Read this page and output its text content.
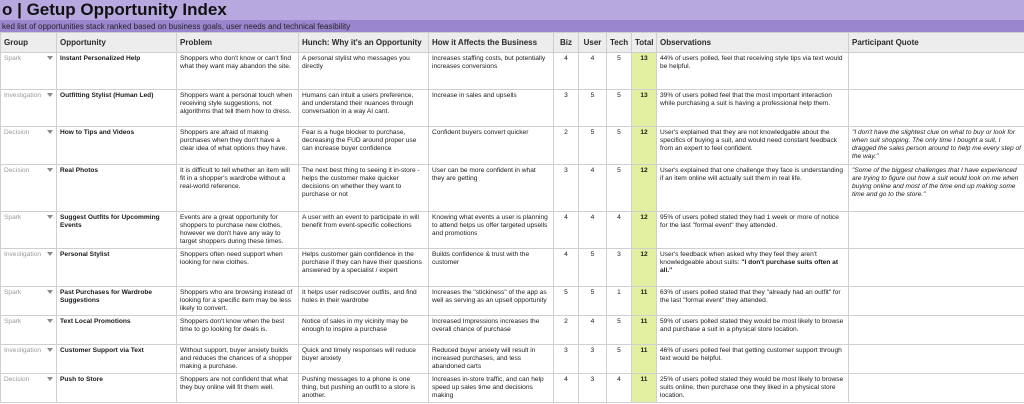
o | Getup Opportunity Index
ked list of opportunities stack ranked based on business goals, user needs and technical feasibility
Group	Opportunity	Problem	Hunch: Why it's an Opportunity	How it Affects the Business	Biz	User	Tech	Total	Observations	Participant Quote
Spark	Instant Personalized Help	Shoppers who don't know or can't find what they want may abandon the site.	A personal stylist who messages you directly	Increases staffing costs, but potentially increases conversions	4	4	5	13	44% of users polled, feel that receiving style tips via text would be helpful.	
Investigation	Outfitting Stylist (Human Led)	Shoppers want a personal touch when receiving style suggestions, not algorithms that tell them how to dress.	Humans can intuit a users preference, and understand their nuances through conversation in a way AI cant.	Increase in sales and upsells	3	5	5	13	39% of users polled feel that the most important interaction while purchasing a suit is having a professional help them.	
Decision	How to Tips and Videos	Shoppers are afraid of making purchases when they don't have a clear idea of what options they have.	Fear is a huge blocker to purchase, decreasing the FUD around proper use can increase buyer confidence	Confident buyers convert quicker	2	5	5	12	User's explained that they are not knowledgable about the specifics of buying a suit, and would need constant feedback from an expert to feel confident.	"I don't have the slightest clue on what to buy or look for when suit shopping. The only time I bought a suit, I dragged the sales person around to help me every step of the way."
Decision	Real Photos	It is difficult to tell whether an item will fit in a shopper's wardrobe without a real-world reference.	The next best thing to seeing it in-store - helps the customer make quicker decisions on whether they want to purchase or not	User can be more confident in what they are getting	3	4	5	12	User's explained that one challenge they face is understanding if an item online will actually suit them in real life.	"Some of the biggest challenges that I have experienced are trying to figure out how a suit would look on me when buying online and most of the time end up making some time and go to the store."
Spark	Suggest Outfits for Upcomming Events	Events are a great opportunity for shoppers to purchase new clothes, however we don't have any way to target shoppers during these times.	A user with an event to participate in will benefit from event-specific collections	Knowing what events a user is planning to attend helps us offer targeted upsells and promotions	4	4	4	12	95% of users polled stated they had 1 week or more of notice for the last "formal event" they attended.	
Investigation	Personal Stylist	Shoppers often need support when looking for new clothes.	Helps customer gain confidence in the purchase if they can have their questions answered by a specialist / expert	Builds confidence & trust with the customer	4	5	3	12	User's feedback when asked why they feel they aren't knowledgeable about suits: "I don't purchase suits often at all."	
Spark	Past Purchases for Wardrobe Suggestions	Shoppers who are browsing instead of looking for a specific item may be less likely to convert.	It helps user rediscover outfits, and find holes in their wardrobe	Increases the "stickiness" of the app as well as serving as an upsell opportunity	5	5	1	11	63% of users polled stated that they "already had an outfit" for the last "formal event" they attended.	
Spark	Text Local Promotions	Shoppers don't know when the best time to go looking for deals is.	Notice of sales in my vicinity may be enough to inspire a purchase	Increased Impressions increases the overall chance of purchase	2	4	5	11	59% of users polled stated they would be most likely to browse and purchase a suit in a physical store location.	
Investigation	Customer Support via Text	Without support, buyer anxiety builds and reduces the chances of a shopper making a purchase.	Quick and timely responses will reduce buyer anxiety	Reduced buyer anxiety will result in increased purchases, and less abandoned carts	3	3	5	11	46% of users polled feel that getting customer support through text would be helpful.	
Decision	Push to Store	Shoppers are not confident that what they buy online will fit them well.	Pushing messages to a phone is one thing, but pushing an outfit to a store is another.	Increases in-store traffic, and can help speed up sales time and decisions making	4	3	4	11	25% of users polled stated they would be most likely to browse suits online, then purchase one they liked in a physical store location.	
